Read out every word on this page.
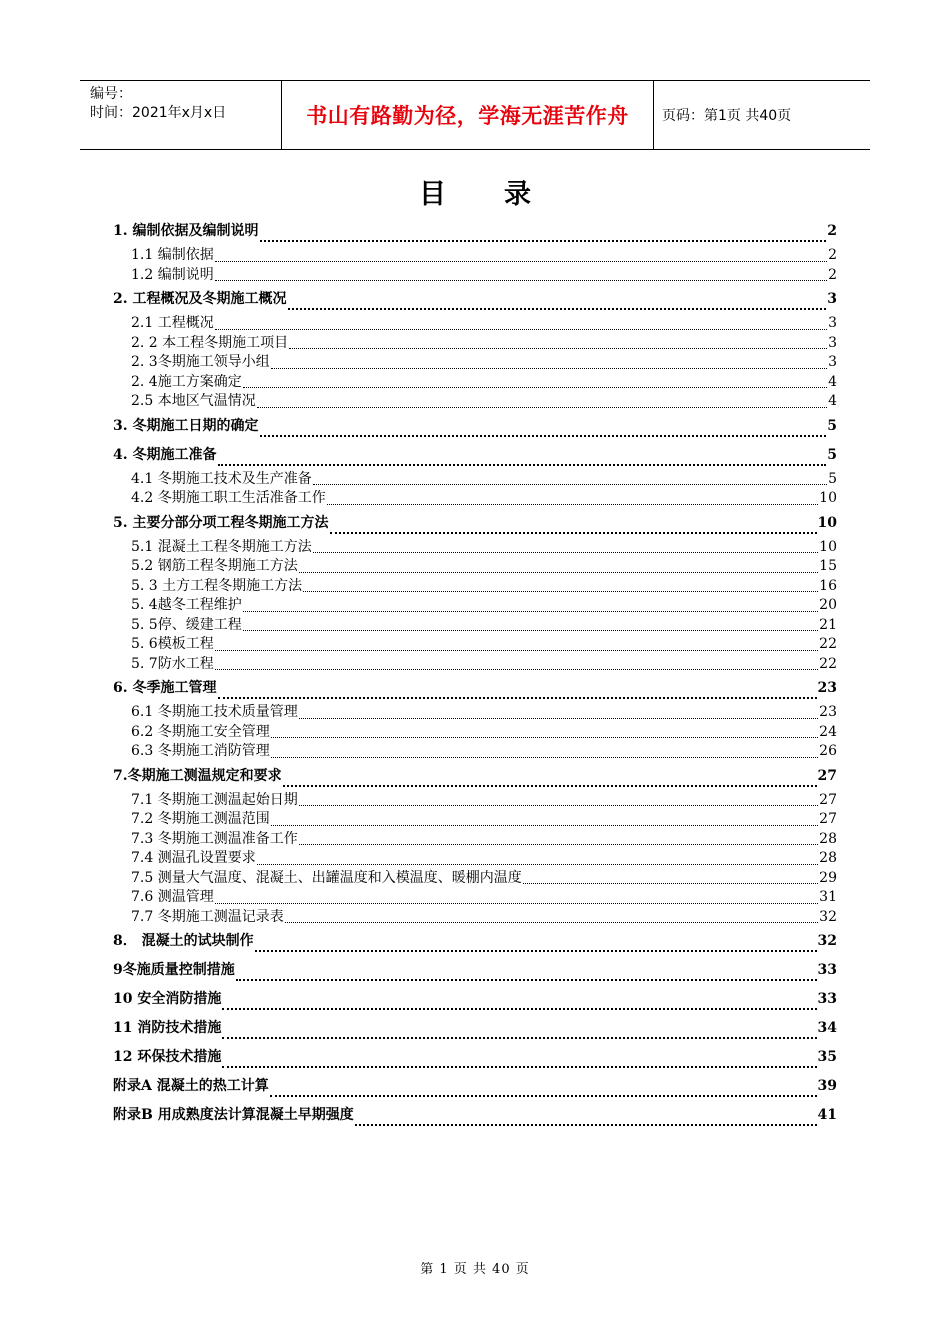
编号：
时间：2021年x月x日	书山有路勤为径，学海无涯苦作舟	页码：第1页 共40页
目录
1. 编制依据及编制说明	2
1.1 编制依据	2
1.2 编制说明	2
2. 工程概况及冬期施工概况	3
2.1 工程概况	3
2. 2 本工程冬期施工项目	3
2. 3冬期施工领导小组	3
2. 4施工方案确定	4
2.5 本地区气温情况	4
3. 冬期施工日期的确定	5
4. 冬期施工准备	5
4.1 冬期施工技术及生产准备	5
4.2 冬期施工职工生活准备工作	10
5. 主要分部分项工程冬期施工方法	10
5.1 混凝土工程冬期施工方法	10
5.2 钢筋工程冬期施工方法	15
5. 3 土方工程冬期施工方法	16
5. 4越冬工程维护	20
5. 5停、缓建工程	21
5. 6模板工程	22
5. 7防水工程	22
6. 冬季施工管理	23
6.1 冬期施工技术质量管理	23
6.2 冬期施工安全管理	24
6.3 冬期施工消防管理	26
7.冬期施工测温规定和要求	27
7.1 冬期施工测温起始日期	27
7.2 冬期施工测温范围	27
7.3 冬期施工测温准备工作	28
7.4 测温孔设置要求	28
7.5 测量大气温度、混凝土、出罐温度和入模温度、暖棚内温度	29
7.6 测温管理	31
7.7 冬期施工测温记录表	32
8． 混凝土的试块制作	32
9冬施质量控制措施	33
10 安全消防措施	33
11 消防技术措施	34
12 环保技术措施	35
附录A 混凝土的热工计算	39
附录B 用成熟度法计算混凝土早期强度	41
第 1 页 共 40 页
